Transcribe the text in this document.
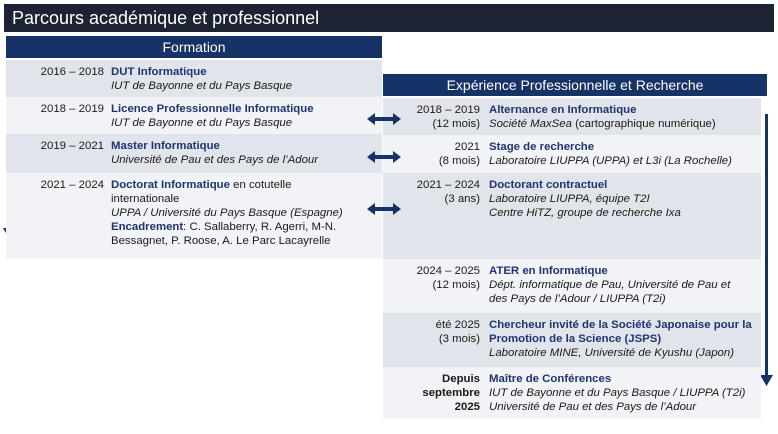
Parcours académique et professionnel
Formation
2016 – 2018 DUT Informatique
IUT de Bayonne et du Pays Basque
2018 – 2019 Licence Professionnelle Informatique
IUT de Bayonne et du Pays Basque
2019 – 2021 Master Informatique
Université de Pau et des Pays de l’Adour
2021 – 2024 Doctorat Informatique en cotutelle internationale
UPPA / Université du Pays Basque (Espagne)
Encadrement: C. Sallaberry, R. Agerri, M-N. Bessagnet, P. Roose, A. Le Parc Lacayrelle
Expérience Professionnelle et Recherche
2018 – 2019
(12 mois)
Alternance en Informatique
Société MaxSea (cartographique numérique)
2021
(8 mois)
Stage de recherche
Laboratoire LIUPPA (UPPA) et L3i (La Rochelle)
2021 – 2024
(3 ans)
Doctorant contractuel
Laboratoire LIUPPA, équipe T2I
Centre HiTZ, groupe de recherche Ixa
2024 – 2025
(12 mois)
ATER en Informatique
Dépt. informatique de Pau, Université de Pau et des Pays de l’Adour / LIUPPA (T2i)
été 2025
(3 mois)
Chercheur invité de la Société Japonaise pour la Promotion de la Science (JSPS)
Laboratoire MINE, Université de Kyushu (Japon)
Depuis
septembre
2025
Maître de Conférences
IUT de Bayonne et du Pays Basque / LIUPPA (T2i)
Université de Pau et des Pays de l’Adour
